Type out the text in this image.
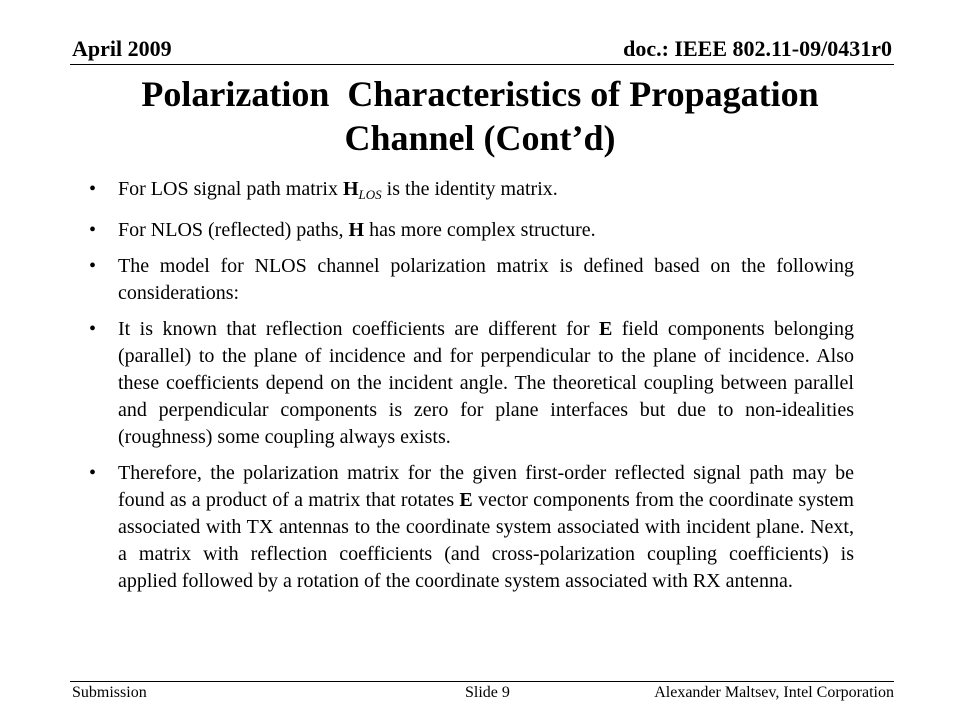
April 2009	doc.: IEEE 802.11-09/0431r0
Polarization  Characteristics of Propagation
Channel (Cont’d)
• For LOS signal path matrix $H_{LOS}$ is the identity matrix.
• For NLOS (reflected) paths, H has more complex structure.
• The model for NLOS channel polarization matrix is defined based on the following considerations:
• It is known that reflection coefficients are different for E field components belonging (parallel) to the plane of incidence and for perpendicular to the plane of incidence. Also these coefficients depend on the incident angle. The theoretical coupling between parallel and perpendicular components is zero for plane interfaces but due to non-idealities (roughness) some coupling always exists.
• Therefore, the polarization matrix for the given first-order reflected signal path may be found as a product of a matrix that rotates E vector components from the coordinate system associated with TX antennas to the coordinate system associated with incident plane. Next, a matrix with reflection coefficients (and cross-polarization coupling coefficients) is applied followed by a rotation of the coordinate system associated with RX antenna.
Submission	Slide 9	Alexander Maltsev, Intel Corporation
